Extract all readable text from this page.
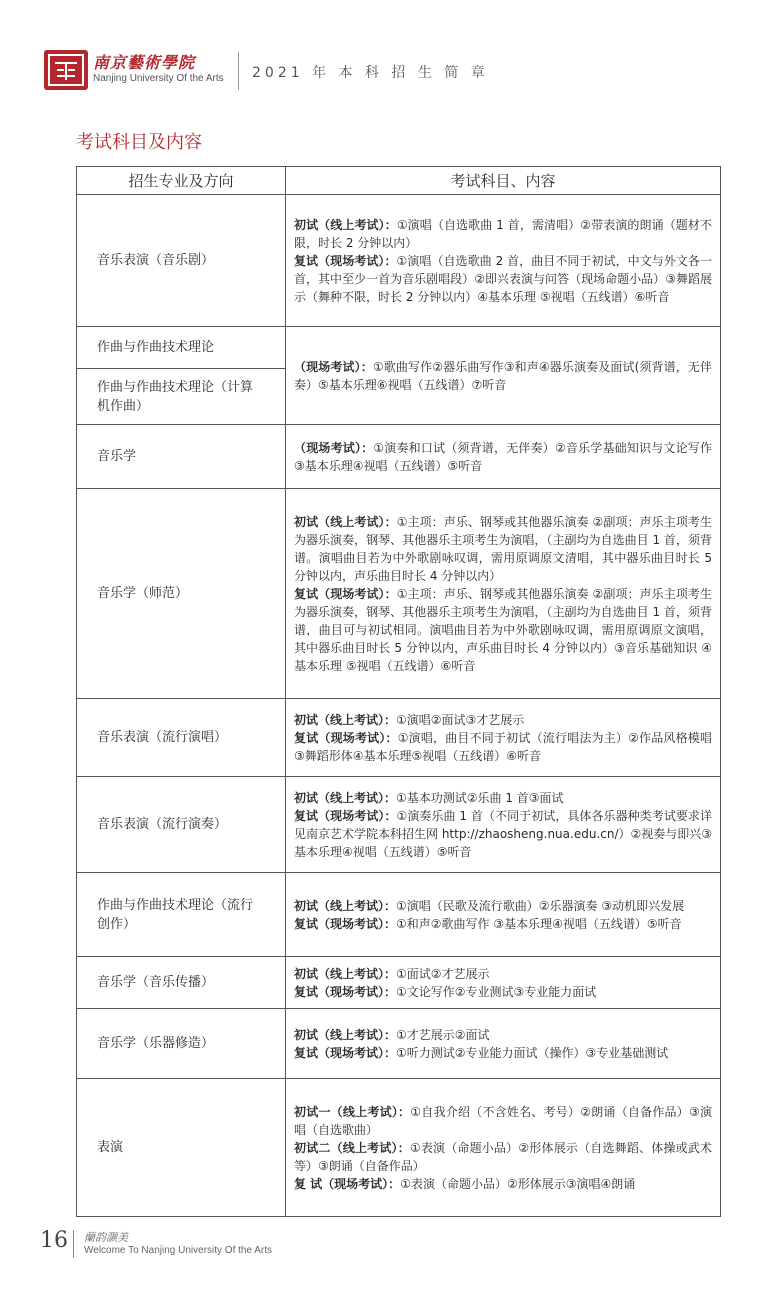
南京藝術學院
Nanjing University Of the Arts 2021 年 本 科 招 生 简 章
考试科目及内容
招生专业及方向	考试科目、内容
音乐表演（音乐剧）	初试（线上考试）：①演唱（自选歌曲 1 首，需清唱）②带表演的朗诵（题材不限，时长 2 分钟以内）
复试（现场考试）：①演唱（自选歌曲 2 首，曲目不同于初试，中文与外文各一首，其中至少一首为音乐剧唱段）②即兴表演与问答（现场命题小品）③舞蹈展示（舞种不限，时长 2 分钟以内）④基本乐理 ⑤视唱（五线谱）⑥听音

作曲与作曲技术理论	（现场考试）：①歌曲写作②器乐曲写作③和声④器乐演奏及面试(须背谱，无伴奏）⑤基本乐理⑥视唱（五线谱）⑦听音

作曲与作曲技术理论（计算机作曲）	
音乐学	（现场考试）：①演奏和口试（须背谱，无伴奏）②音乐学基础知识与文论写作③基本乐理④视唱（五线谱）⑤听音

音乐学（师范）	初试（线上考试）：①主项：声乐、钢琴或其他器乐演奏 ②副项：声乐主项考生为器乐演奏，钢琴、其他器乐主项考生为演唱，（主副均为自选曲目 1 首，须背谱。演唱曲目若为中外歌剧咏叹调，需用原调原文清唱，其中器乐曲目时长 5 分钟以内，声乐曲目时长 4 分钟以内）
复试（现场考试）：①主项：声乐、钢琴或其他器乐演奏 ②副项：声乐主项考生为器乐演奏，钢琴、其他器乐主项考生为演唱，（主副均为自选曲目 1 首，须背谱，曲目可与初试相同。演唱曲目若为中外歌剧咏叹调，需用原调原文演唱，其中器乐曲目时长 5 分钟以内，声乐曲目时长 4 分钟以内）③音乐基础知识 ④基本乐理 ⑤视唱（五线谱）⑥听音

音乐表演（流行演唱）	初试（线上考试）：①演唱②面试③才艺展示
复试（现场考试）：①演唱，曲目不同于初试（流行唱法为主）②作品风格模唱③舞蹈形体④基本乐理⑤视唱（五线谱）⑥听音

音乐表演（流行演奏）	初试（线上考试）：①基本功测试②乐曲 1 首③面试
复试（现场考试）：①演奏乐曲 1 首（不同于初试，具体各乐器种类考试要求详见南京艺术学院本科招生网 http://zhaosheng.nua.edu.cn/）②视奏与即兴③基本乐理④视唱（五线谱）⑤听音

作曲与作曲技术理论（流行创作）	初试（线上考试）：①演唱（民歌及流行歌曲）②乐器演奏 ③动机即兴发展
复试（现场考试）：①和声②歌曲写作 ③基本乐理④视唱（五线谱）⑤听音

音乐学（音乐传播）	初试（线上考试）：①面试②才艺展示
复试（现场考试）：①文论写作②专业测试③专业能力面试

音乐学（乐器修造）	初试（线上考试）：①才艺展示②面试
复试（现场考试）：①听力测试②专业能力面试（操作）③专业基础测试

表演	初试一（线上考试）：①自我介绍（不含姓名、考号）②朗诵（自备作品）③演唱（自选歌曲）
初试二（线上考试）：①表演（命题小品）②形体展示（自选舞蹈、体操或武术等）③朗诵（自备作品）
复 试（现场考试）：①表演（命题小品）②形体展示③演唱④朗诵
16 蘭韵灏美
Welcome To Nanjing University Of the Arts
